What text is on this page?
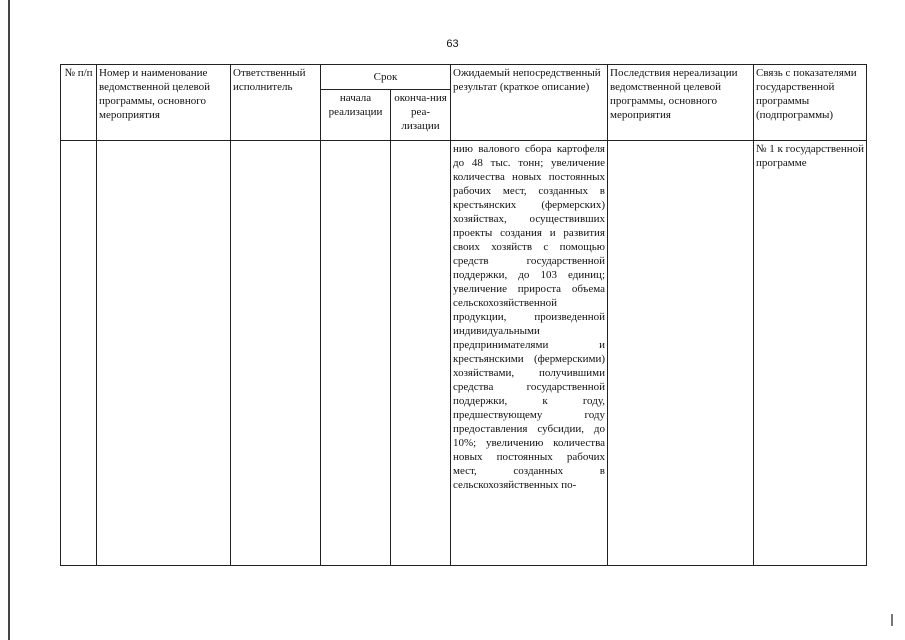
63
№ п/п	Номер и наименование ведомственной целевой программы, основного мероприятия	Ответственный исполнитель	Срок		Ожидаемый непосредственный результат (краткое описание)	Последствия нереализации ведомственной целевой программы, основного мероприятия	Связь с показателями государственной программы (подпрограммы)
			начала реализации	оконча-ния реа-лизации			
					нию валового сбора картофеля до 48 тыс. тонн; увеличение количества новых постоянных рабочих мест, созданных в крестьянских (фермерских) хозяйствах, осуществивших проекты создания и развития своих хозяйств с помощью средств государственной поддержки, до 103 единиц; увеличение прироста объема сельскохозяйственной продукции, произведенной индивидуальными предпринимателями и крестьянскими (фермерскими) хозяйствами, получившими средства государственной поддержки, к году, предшествующему году предоставления субсидии, до 10%; увеличению количества новых постоянных рабочих мест, созданных в сельскохозяйственных по-		№ 1 к государственной программе
